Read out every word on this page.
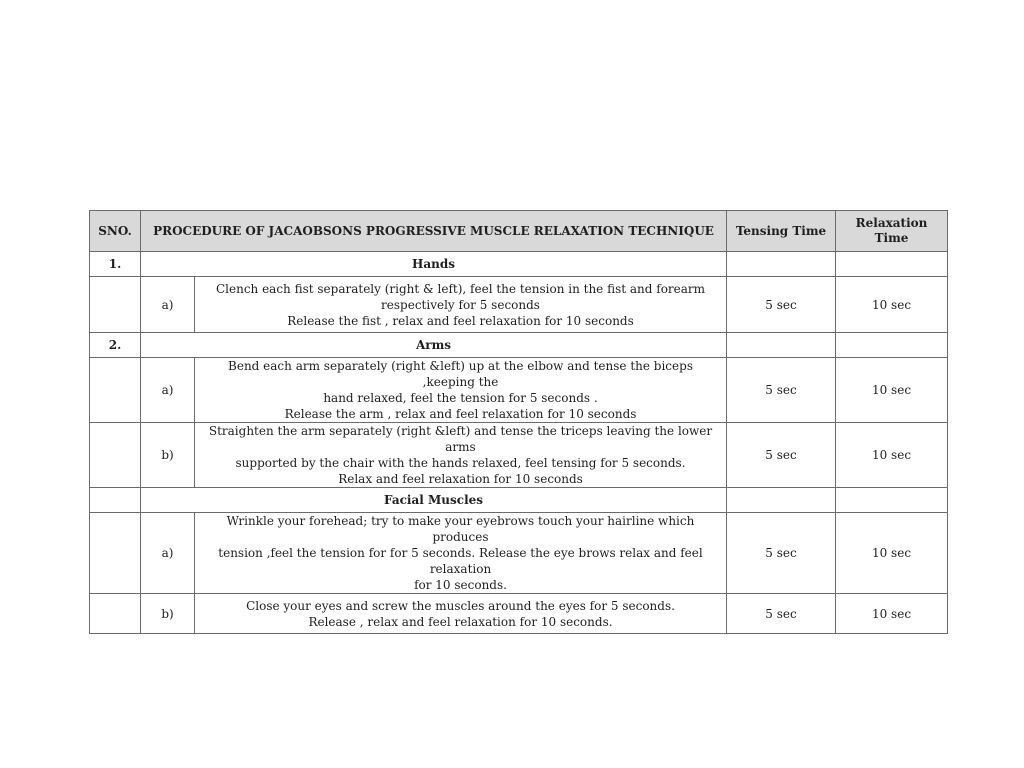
SNO.	PROCEDURE OF JACAOBSONS PROGRESSIVE MUSCLE RELAXATION TECHNIQUE		Tensing Time	Relaxation Time
1.	Hands			
	a)	Clench each fist separately (right & left), feel the tension in the fist and forearm
respectively for 5 seconds
Release the fist , relax and feel relaxation for 10 seconds	5 sec	10 sec
2.	Arms			
	a)	Bend each arm separately (right &left) up at the elbow and tense the biceps ,keeping the
hand relaxed, feel the tension for 5 seconds .
Release the arm , relax and feel relaxation for 10 seconds	5 sec	10 sec
	b)	Straighten the arm separately (right &left) and tense the triceps leaving the lower arms
supported by the chair with the hands relaxed, feel tensing for 5 seconds.
Relax and feel relaxation for 10 seconds	5 sec	10 sec
	Facial Muscles			
	a)	Wrinkle your forehead; try to make your eyebrows touch your hairline which produces
tension ,feel the tension for for 5 seconds. Release the eye brows relax and feel relaxation
for 10 seconds.	5 sec	10 sec
	b)	Close your eyes and screw the muscles around the eyes for 5 seconds.
Release , relax and feel relaxation for 10 seconds.	5 sec	10 sec
